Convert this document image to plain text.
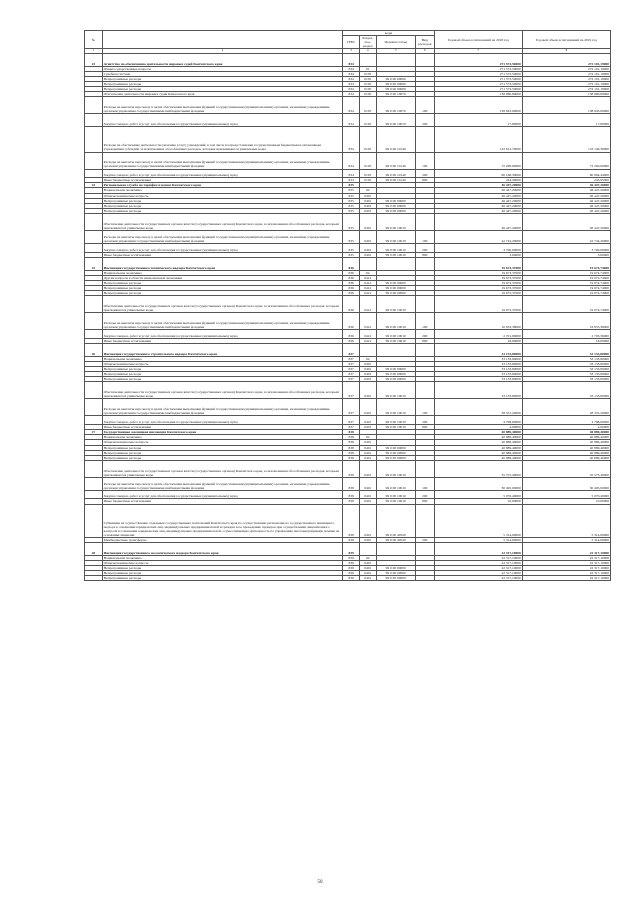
№		коды				Годовой объем ассигнований на 2018 год	Годовой объем ассигнований на 2019 год
		ГРБС	Раздел, под-раздел	Целевая статья	Вид расходов		
1	2	3	4	5	6	7	8
23	Агентство по обеспечению деятельности мировых судей Камчатского края	834				271 573,50000	272 101,19000
	Общегосударственные вопросы	834	01			271 573,50000	272 101,19000
	Судебная система	834	0105			271 573,50000	272 101,19000
	Непрограммные расходы	834	0105	99 0 00 00000		271 573,50000	272 101,19000
	Непрограммные расходы	834	0105	99 0 00 00000		271 573,50000	272 101,19000
	Непрограммные расходы	834	0105	99 0 00 00000		271 573,50000	272 101,19000
	Обеспечение деятельности мировых судей Камчатского края	834	0105	99 0 00 10070		138 960,80000	138 960,80000
	Расходы на выплаты персоналу в целях обеспечения выполнения функций государственными (муниципальными) органами, казенными учреждениями, органами управления государственными внебюджетными фондами	834	0105	99 0 00 10070	100	138 943,00000	138 943,00000
	Закупка товаров, работ и услуг для обеспечения государственных (муниципальных) нужд	834	0105	99 0 00 10070	200	17,80000	17,80000
	Расходы на обеспечение деятельности (оказание услуг) учреждений, в том числе на предоставление государственным бюджетным и автономным учреждениям субсидий, за исключением обособленных расходов, которым присваиваются уникальные коды	834	0105	99 0 00 10140		132 612,70000	133 140,39000
	Расходы на выплаты персоналу в целях обеспечения выполнения функций государственными (муниципальными) органами, казенными учреждениями, органами управления государственными внебюджетными фондами	834	0105	99 0 00 10140	100	72 200,00000	72 200,00000
	Закупка товаров, работ и услуг для обеспечения государственных (муниципальных) нужд	834	0105	99 0 00 10140	200	60 168,30000	60 694,44000
	Иные бюджетные ассигнования	834	0105	99 0 00 10140	800	244,40000	245,95000
24	Региональная служба по тарифам и ценам Камчатского края	835				46 447,20000	46 447,20000
	Национальная экономика	835	04			46 447,20000	46 447,20000
	Общеэкономические вопросы	835	0401			46 447,20000	46 447,20000
	Непрограммные расходы	835	0401	99 0 00 00000		46 447,20000	46 447,20000
	Непрограммные расходы	835	0401	99 0 00 00000		46 447,20000	46 447,20000
	Непрограммные расходы	835	0401	99 0 00 00000		46 447,20000	46 447,20000
	Обеспечение деятельности государственных органов власти (государственных органов) Камчатского края, за исключением обособленных расходов, которым присваиваются уникальные коды	835	0401	99 0 00 10010		46 447,20000	46 447,20000
	Расходы на выплаты персоналу в целях обеспечения выполнения функций государственными (муниципальными) органами, казенными учреждениями, органами управления государственными внебюджетными фондами	835	0401	99 0 00 10010	100	42 744,20000	42 744,20000
	Закупка товаров, работ и услуг для обеспечения государственных (муниципальных) нужд	835	0401	99 0 00 10010	200	3 700,00000	3 700,00000
	Иные бюджетные ассигнования	835	0401	99 0 00 10010	800	3,00000	3,00000
25	Инспекция государственного технического надзора Камчатского края	836				19 673,37000	19 674,74000
	Национальная экономика	836	04			19 673,37000	19 674,74000
	Другие вопросы в области национальной экономики	836	0412			19 673,37000	19 674,74000
	Непрограммные расходы	836	0412	99 0 00 00000		19 673,37000	19 674,74000
	Непрограммные расходы	836	0412	99 0 00 00000		19 673,37000	19 674,74000
	Непрограммные расходы	836	0412	99 0 00 00000		19 673,37000	19 674,74000
	Обеспечение деятельности государственных органов власти (государственных органов) Камчатского края, за исключением обособленных расходов, которым присваиваются уникальные коды	836	0412	99 0 00 10010		19 673,37000	19 674,74000
	Расходы на выплаты персоналу в целях обеспечения выполнения функций государственными (муниципальными) органами, казенными учреждениями, органами управления государственными внебюджетными фондами	836	0412	99 0 00 10010	100	16 953,38000	16 953,38000
	Закупка товаров, работ и услуг для обеспечения государственных (муниципальных) нужд	836	0412	99 0 00 10010	200	2 701,99000	2 703,36000
	Иные бюджетные ассигнования	836	0412	99 0 00 10010	800	18,00000	18,00000
26	Инспекция государственного строительного надзора Камчатского края	837				33 133,80000	33 133,80000
	Национальная экономика	837	04			33 133,80000	33 133,80000
	Общеэкономические вопросы	837	0401			33 133,80000	33 133,80000
	Непрограммные расходы	837	0401	99 0 00 00000		33 133,80000	33 133,80000
	Непрограммные расходы	837	0401	99 0 00 00000		33 133,80000	33 133,80000
	Непрограммные расходы	837	0401	99 0 00 00000		33 133,80000	33 133,80000
	Обеспечение деятельности государственных органов власти (государственных органов) Камчатского края, за исключением обособленных расходов, которым присваиваются уникальные коды	837	0401	99 0 00 10010		33 133,80000	33 133,80000
	Расходы на выплаты персоналу в целях обеспечения выполнения функций государственными (муниципальными) органами, казенными учреждениями, органами управления государственными внебюджетными фондами	837	0401	99 0 00 10010	100	28 331,20000	28 331,20000
	Закупка товаров, работ и услуг для обеспечения государственных (муниципальных) нужд	837	0401	99 0 00 10010	200	4 798,60000	4 798,60000
	Иные бюджетные ассигнования	837	0401	99 0 00 10010	800	4,00000	4,00000
27	Государственная жилищная инспекция Камчатского края	838				40 889,40000	40 889,40000
	Национальная экономика	838	04			40 889,40000	40 889,40000
	Общеэкономические вопросы	838	0401			40 889,40000	40 889,40000
	Непрограммные расходы	838	0401	99 0 00 00000		40 889,40000	40 889,40000
	Непрограммные расходы	838	0401	99 0 00 00000		40 889,40000	40 889,40000
	Непрограммные расходы	838	0401	99 0 00 00000		40 889,40000	40 889,40000
	Обеспечение деятельности государственных органов власти (государственных органов) Камчатского края, за исключением обособленных расходов, которым присваиваются уникальные коды	838	0401	99 0 00 10010		35 575,40000	35 575,40000
	Расходы на выплаты персоналу в целях обеспечения выполнения функций государственными (муниципальными) органами, казенными учреждениями, органами управления государственными внебюджетными фондами	838	0401	99 0 00 10010	100	30 495,00000	30 495,00000
	Закупка товаров, работ и услуг для обеспечения государственных (муниципальных) нужд	838	0401	99 0 00 10010	200	5 070,40000	5 070,40000
	Иные бюджетные ассигнования	838	0401	99 0 00 10010	800	10,00000	10,00000
	Субвенции на осуществление отдельных государственных полномочий Камчатского края по осуществлению регионального государственного жилищного надзора в отношении юридических лиц, индивидуальных предпринимателей и граждан и по проведению проверок при осуществлении лицензионного контроля в отношении юридических лиц, индивидуальных предпринимателей, осуществляющих деятельность по управлению многоквартирными домами на основании лицензии	838	0401	99 0 00 40520		5 314,00000	5 314,00000
	Межбюджетные трансферты	838	0401	99 0 00 40520	500	5 314,00000	5 314,00000
28	Инспекция государственного экологического надзора Камчатского края	839				22 317,10000	22 317,10000
	Национальная экономика	839	04			22 317,10000	22 317,10000
	Общеэкономические вопросы	839	0401			22 317,10000	22 317,10000
	Непрограммные расходы	839	0401	99 0 00 00000		22 317,10000	22 317,10000
	Непрограммные расходы	839	0401	99 0 00 00000		22 317,10000	22 317,10000
	Непрограммные расходы	839	0401	99 0 00 00000		22 317,10000	22 317,10000
50
